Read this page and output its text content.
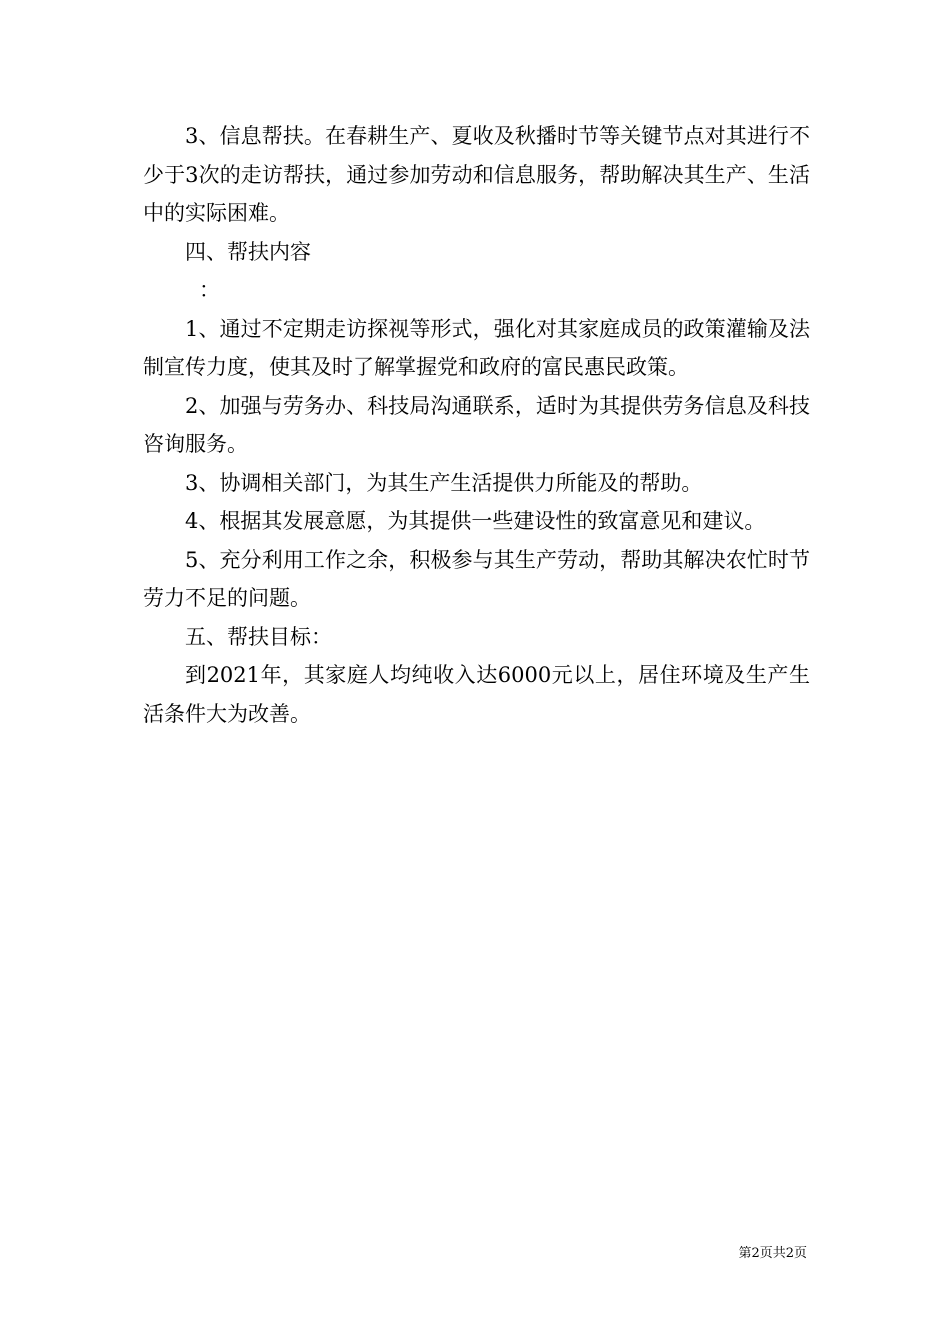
3、信息帮扶。在春耕生产、夏收及秋播时节等关键节点对其进行不少于3次的走访帮扶，通过参加劳动和信息服务，帮助解决其生产、生活中的实际困难。

四、帮扶内容

：

1、通过不定期走访探视等形式，强化对其家庭成员的政策灌输及法制宣传力度，使其及时了解掌握党和政府的富民惠民政策。

2、加强与劳务办、科技局沟通联系，适时为其提供劳务信息及科技咨询服务。

3、协调相关部门，为其生产生活提供力所能及的帮助。

4、根据其发展意愿，为其提供一些建设性的致富意见和建议。

5、充分利用工作之余，积极参与其生产劳动，帮助其解决农忙时节劳力不足的问题。

五、帮扶目标：

到2021年，其家庭人均纯收入达6000元以上，居住环境及生产生活条件大为改善。

第2页共2页
